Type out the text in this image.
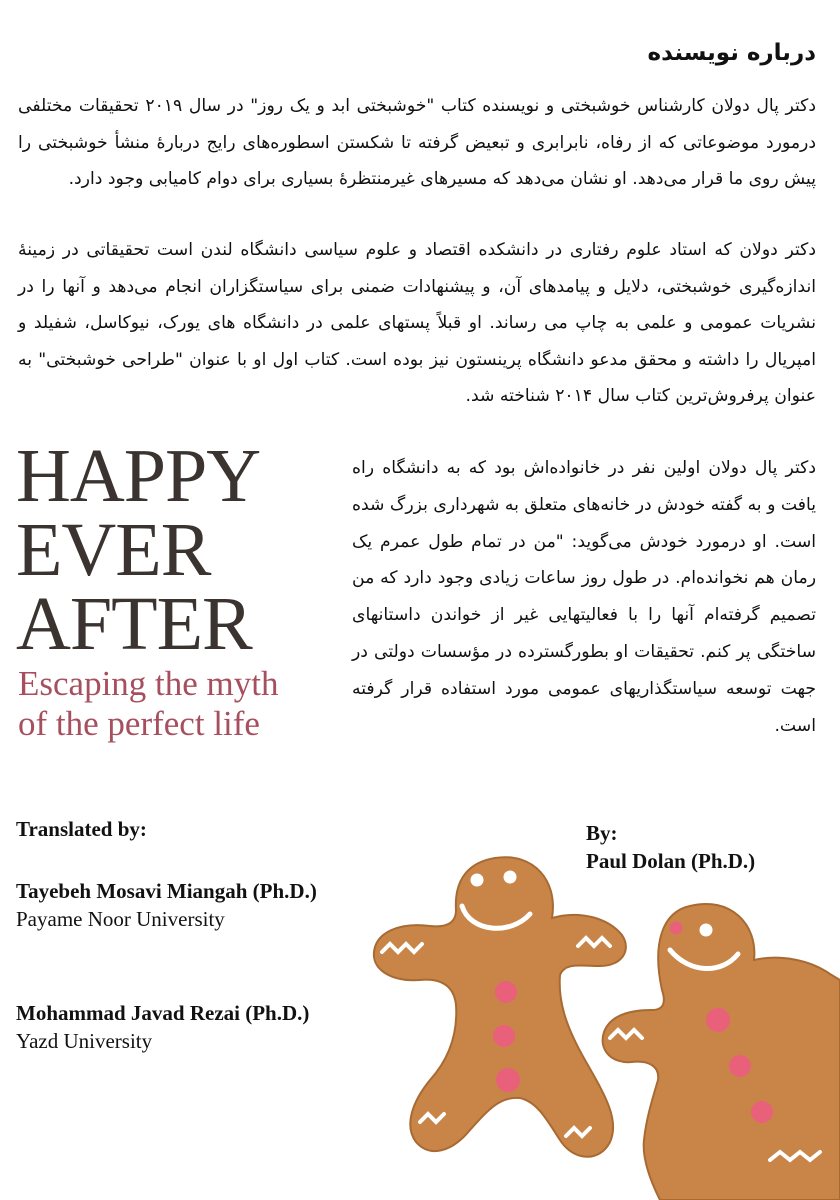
درباره نویسنده
دکتر پال دولان کارشناس خوشبختی و نویسنده کتاب "خوشبختی ابد و یک روز" در سال ۲۰۱۹ تحقیقات مختلفی درمورد موضوعاتی که از رفاه، نابرابری و تبعیض گرفته تا شکستن اسطوره‌های رایج دربارهٔ منشأ خوشبختی را پیش روی ما قرار می‌دهد. او نشان می‌دهد که مسیرهای غیرمنتظرهٔ بسیاری برای دوام کامیابی وجود دارد.
دکتر دولان که استاد علوم رفتاری در دانشکده اقتصاد و علوم سیاسی دانشگاه لندن است تحقیقاتی در زمینهٔ اندازه‌گیری خوشبختی، دلایل و پیامدهای آن، و پیشنهادات ضمنی برای سیاستگزاران انجام می‌دهد و آنها را در نشریات عمومی و علمی به چاپ می رساند. او قبلاً پستهای علمی در دانشگاه های یورک، نیوکاسل، شفیلد و امپریال را داشته و محقق مدعو دانشگاه پرینستون نیز بوده است. کتاب اول او با عنوان "طراحی خوشبختی" به عنوان پرفروش‌ترین کتاب سال ۲۰۱۴ شناخته شد.
دکتر پال دولان اولین نفر در خانواده‌اش بود که به دانشگاه راه یافت و به گفته خودش در خانه‌های متعلق به شهرداری بزرگ شده است. او درمورد خودش می‌گوید: "من در تمام طول عمرم یک رمان هم نخوانده‌ام. در طول روز ساعات زیادی وجود دارد که من تصمیم گرفته‌ام آنها را با فعالیتهایی غیر از خواندن داستانهای ساختگی پر کنم. تحقیقات او بطورگسترده در مؤسسات دولتی در جهت توسعه سیاستگذاریهای عمومی مورد استفاده قرار گرفته است.
HAPPY
EVER
AFTER
Escaping the myth
of the perfect life
Translated by:
Tayebeh Mosavi Miangah (Ph.D.)
Payame Noor University
Mohammad Javad Rezai (Ph.D.)
Yazd University
By:
Paul Dolan (Ph.D.)
